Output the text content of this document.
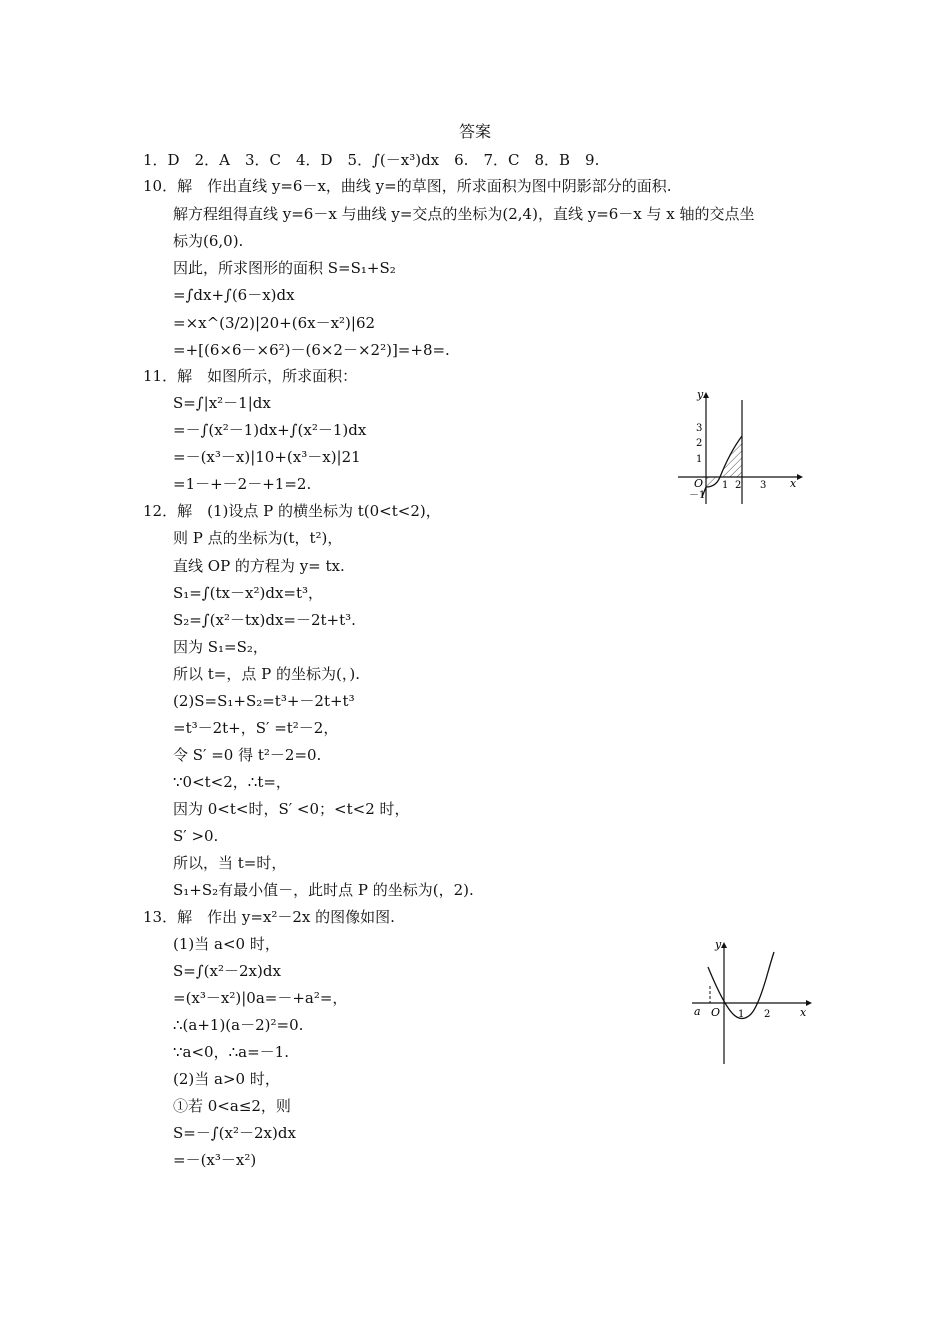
答案
1．D　2．A　3．C　4．D　5．∫(－x³)dx　6.　7．C　8．B　9.
10．解　作出直线 y=6－x，曲线 y=的草图，所求面积为图中阴影部分的面积.
解方程组得直线 y=6－x 与曲线 y=交点的坐标为(2,4)，直线 y=6－x 与 x 轴的交点坐
标为(6,0).
因此，所求图形的面积 S=S₁+S₂
=∫dx+∫(6－x)dx
=×x^(3/2)|20+(6x－x²)|62
=+[(6×6－×6²)－(6×2－×2²)]=+8=.
11．解　如图所示，所求面积：
S=∫|x²－1|dx
=－∫(x²－1)dx+∫(x²－1)dx
=－(x³－x)|10+(x³－x)|21
=1－+－2－+1=2.
12．解　(1)设点 P 的横坐标为 t(0<t<2)，
则 P 点的坐标为(t，t²)，
直线 OP 的方程为 y= tx.
S₁=∫(tx－x²)dx=t³，
S₂=∫(x²－tx)dx=－2t+t³.
因为 S₁=S₂，
所以 t=，点 P 的坐标为(，).
(2)S=S₁+S₂=t³+－2t+t³
=t³－2t+，S′ =t²－2，
令 S′ =0 得 t²－2=0.
∵0<t<2，∴t=，
因为 0<t<时，S′ <0；<t<2 时，
S′ >0.
所以，当 t=时，
S₁+S₂有最小值－，此时点 P 的坐标为(，2).
13．解　作出 y=x²－2x 的图像如图.
(1)当 a<0 时，
S=∫(x²－2x)dx
=(x³－x²)|0a=－+a²=，
∴(a+1)(a－2)²=0.
∵a<0，∴a=－1.
(2)当 a>0 时，
①若 0<a≤2，则
S=－∫(x²－2x)dx
=－(x³－x²)
y
x
O 1 2 3
3
2
1
－1
y
x
O
a	1 2
